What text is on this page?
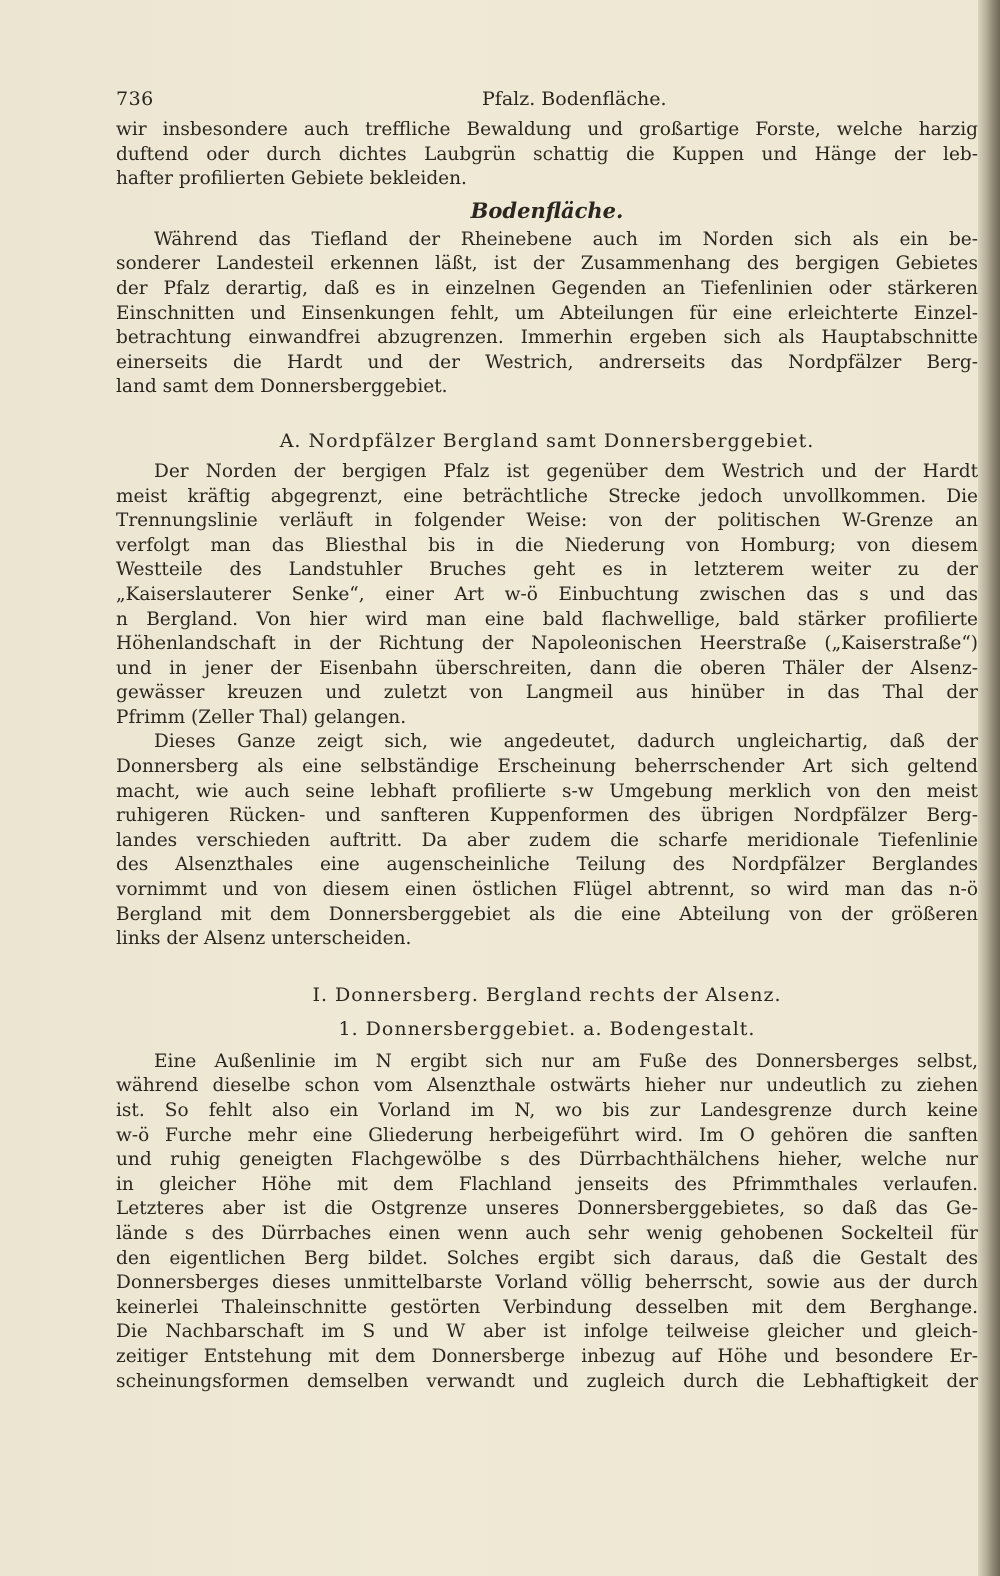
736	Pfalz. Bodenfläche.
wir insbesondere auch treffliche Bewaldung und großartige Forste, welche harzig
duftend oder durch dichtes Laubgrün schattig die Kuppen und Hänge der leb-
hafter profilierten Gebiete bekleiden.
Bodenfläche.
Während das Tiefland der Rheinebene auch im Norden sich als ein be-
sonderer Landesteil erkennen läßt, ist der Zusammenhang des bergigen Gebietes
der Pfalz derartig, daß es in einzelnen Gegenden an Tiefenlinien oder stärkeren
Einschnitten und Einsenkungen fehlt, um Abteilungen für eine erleichterte Einzel-
betrachtung einwandfrei abzugrenzen. Immerhin ergeben sich als Hauptabschnitte
einerseits die Hardt und der Westrich, andrerseits das Nordpfälzer Berg-
land samt dem Donnersberggebiet.
A. Nordpfälzer Bergland samt Donnersberggebiet.
Der Norden der bergigen Pfalz ist gegenüber dem Westrich und der Hardt
meist kräftig abgegrenzt, eine beträchtliche Strecke jedoch unvollkommen. Die
Trennungslinie verläuft in folgender Weise: von der politischen W-Grenze an
verfolgt man das Bliesthal bis in die Niederung von Homburg; von diesem
Westteile des Landstuhler Bruches geht es in letzterem weiter zu der
„Kaiserslauterer Senke“, einer Art w-ö Einbuchtung zwischen das s und das
n Bergland. Von hier wird man eine bald flachwellige, bald stärker profilierte
Höhenlandschaft in der Richtung der Napoleonischen Heerstraße („Kaiserstraße“)
und in jener der Eisenbahn überschreiten, dann die oberen Thäler der Alsenz-
gewässer kreuzen und zuletzt von Langmeil aus hinüber in das Thal der
Pfrimm (Zeller Thal) gelangen.
Dieses Ganze zeigt sich, wie angedeutet, dadurch ungleichartig, daß der
Donnersberg als eine selbständige Erscheinung beherrschender Art sich geltend
macht, wie auch seine lebhaft profilierte s-w Umgebung merklich von den meist
ruhigeren Rücken- und sanfteren Kuppenformen des übrigen Nordpfälzer Berg-
landes verschieden auftritt. Da aber zudem die scharfe meridionale Tiefenlinie
des Alsenzthales eine augenscheinliche Teilung des Nordpfälzer Berglandes
vornimmt und von diesem einen östlichen Flügel abtrennt, so wird man das n-ö
Bergland mit dem Donnersberggebiet als die eine Abteilung von der größeren
links der Alsenz unterscheiden.
I. Donnersberg. Bergland rechts der Alsenz.
1. Donnersberggebiet. a. Bodengestalt.
Eine Außenlinie im N ergibt sich nur am Fuße des Donnersberges selbst,
während dieselbe schon vom Alsenzthale ostwärts hieher nur undeutlich zu ziehen
ist. So fehlt also ein Vorland im N, wo bis zur Landesgrenze durch keine
w-ö Furche mehr eine Gliederung herbeigeführt wird. Im O gehören die sanften
und ruhig geneigten Flachgewölbe s des Dürrbachthälchens hieher, welche nur
in gleicher Höhe mit dem Flachland jenseits des Pfrimmthales verlaufen.
Letzteres aber ist die Ostgrenze unseres Donnersberggebietes, so daß das Ge-
lände s des Dürrbaches einen wenn auch sehr wenig gehobenen Sockelteil für
den eigentlichen Berg bildet. Solches ergibt sich daraus, daß die Gestalt des
Donnersberges dieses unmittelbarste Vorland völlig beherrscht, sowie aus der durch
keinerlei Thaleinschnitte gestörten Verbindung desselben mit dem Berghange.
Die Nachbarschaft im S und W aber ist infolge teilweise gleicher und gleich-
zeitiger Entstehung mit dem Donnersberge inbezug auf Höhe und besondere Er-
scheinungsformen demselben verwandt und zugleich durch die Lebhaftigkeit der
